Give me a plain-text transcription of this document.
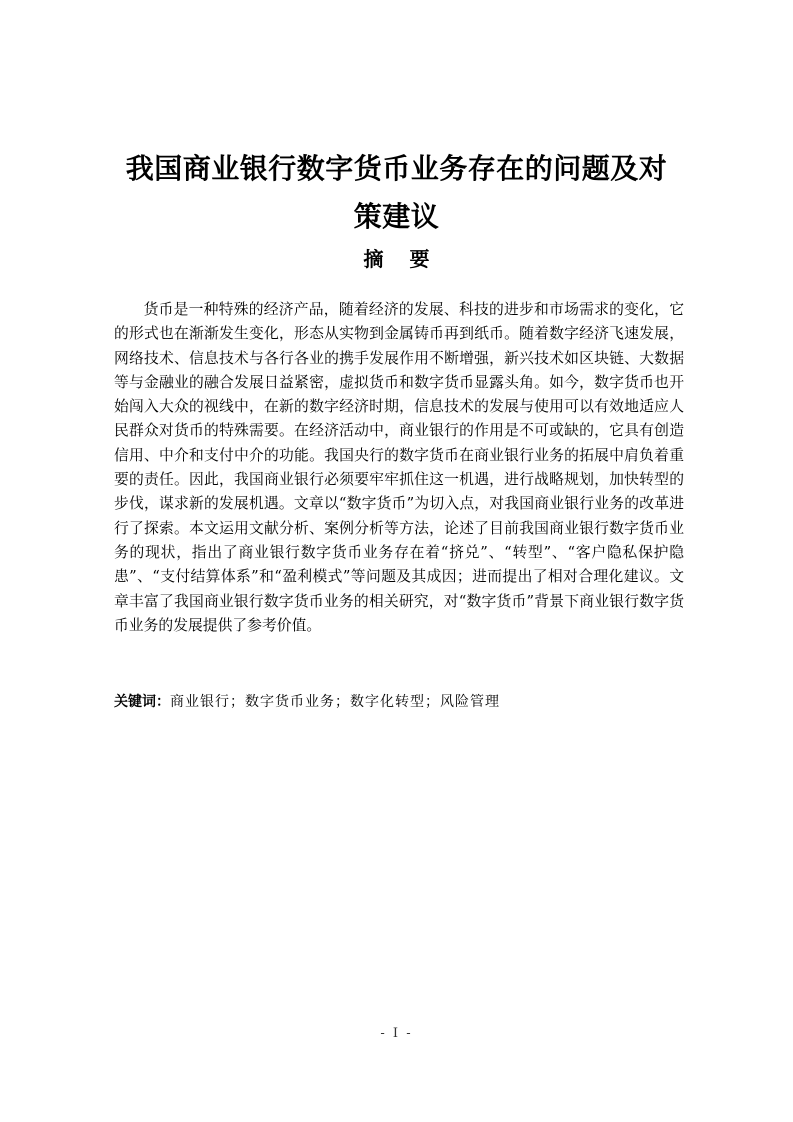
我国商业银行数字货币业务存在的问题及对
策建议
摘要

货币是一种特殊的经济产品，随着经济的发展、科技的进步和市场需求的变化，它的形式也在渐渐发生变化，形态从实物到金属铸币再到纸币。随着数字经济飞速发展，网络技术、信息技术与各行各业的携手发展作用不断增强，新兴技术如区块链、大数据等与金融业的融合发展日益紧密，虚拟货币和数字货币显露头角。如今，数字货币也开始闯入大众的视线中，在新的数字经济时期，信息技术的发展与使用可以有效地适应人民群众对货币的特殊需要。在经济活动中，商业银行的作用是不可或缺的，它具有创造信用、中介和支付中介的功能。我国央行的数字货币在商业银行业务的拓展中肩负着重要的责任。因此，我国商业银行必须要牢牢抓住这一机遇，进行战略规划，加快转型的步伐，谋求新的发展机遇。文章以“数字货币”为切入点，对我国商业银行业务的改革进行了探索。本文运用文献分析、案例分析等方法，论述了目前我国商业银行数字货币业务的现状，指出了商业银行数字货币业务存在着“挤兑”、“转型”、“客户隐私保护隐患”、“支付结算体系”和“盈利模式”等问题及其成因；进而提出了相对合理化建议。文章丰富了我国商业银行数字货币业务的相关研究，对“数字货币”背景下商业银行数字货币业务的发展提供了参考价值。

关键词：商业银行；数字货币业务；数字化转型；风险管理
- I -
